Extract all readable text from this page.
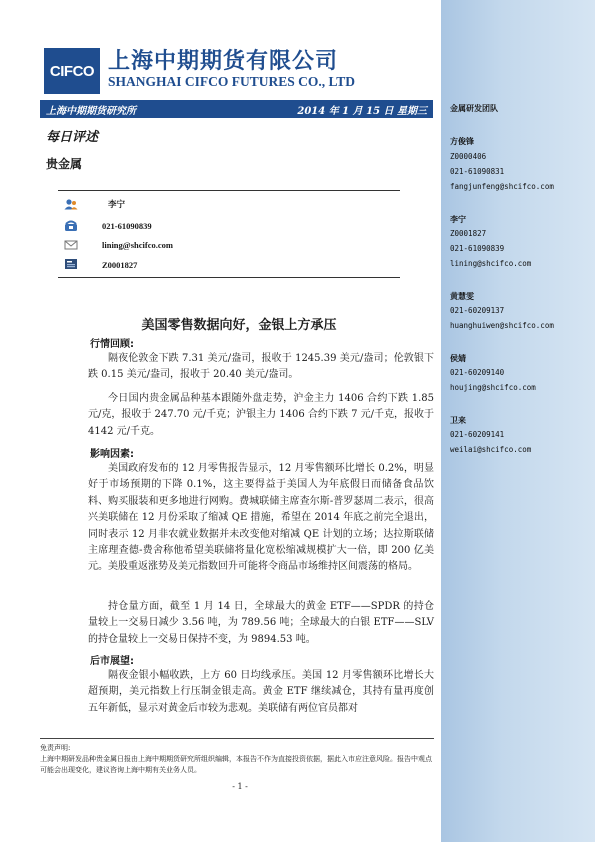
CIFCO 上海中期期货有限公司
SHANGHAI CIFCO FUTURES CO., LTD
上海中期期货研究所	2014 年 1 月 15 日 星期三
每日评述
贵金属
李宁
021-61090839
lining@shcifco.com
Z0001827
金属研发团队
方俊锋
Z0000406
021-61090831
fangjunfeng@shcifco.com
李宁
Z0001827
021-61090839
lining@shcifco.com
黄慧雯
021-60209137
huanghuiwen@shcifco.com
侯婧
021-60209140
houjing@shcifco.com
卫来
021-60209141
weilai@shcifco.com
美国零售数据向好，金银上方承压
行情回顾:
隔夜伦敦金下跌 7.31 美元/盎司，报收于 1245.39 美元/盎司；伦敦银下跌 0.15 美元/盎司，报收于 20.40 美元/盎司。
今日国内贵金属品种基本跟随外盘走势，沪金主力 1406 合约下跌 1.85 元/克，报收于 247.70 元/千克；沪银主力 1406 合约下跌 7 元/千克，报收于 4142 元/千克。
影响因素:
美国政府发布的 12 月零售报告显示，12 月零售额环比增长 0.2%，明显好于市场预期的下降 0.1%，这主要得益于美国人为年底假日而储备食品饮料、购买服装和更多地进行网购。费城联储主席查尔斯-普罗瑟周二表示，很高兴美联储在 12 月份采取了缩减 QE 措施，希望在 2014 年底之前完全退出，同时表示 12 月非农就业数据并未改变他对缩减 QE 计划的立场；达拉斯联储主席理查德-费舍称他希望美联储将量化宽松缩减规模扩大一倍，即 200 亿美元。美股重返涨势及美元指数回升可能将令商品市场维持区间震荡的格局。
持仓量方面，截至 1 月 14 日，全球最大的黄金 ETF——SPDR 的持仓量较上一交易日减少 3.56 吨，为 789.56 吨；全球最大的白银 ETF——SLV 的持仓量较上一交易日保持不变，为 9894.53 吨。
后市展望:
隔夜金银小幅收跌，上方 60 日均线承压。美国 12 月零售额环比增长大超预期，美元指数上行压制金银走高。黄金 ETF 继续减仓，其持有量再度创五年新低，显示对黄金后市较为悲观。美联储有两位官员都对
免责声明:
上海中期研发品种贵金属日报由上海中期期货研究所组织编辑，本报告不作为直接投资依据，据此入市应注意风险。报告中观点可能会出现变化，建议咨询上海中期有关业务人员。
- 1 -
